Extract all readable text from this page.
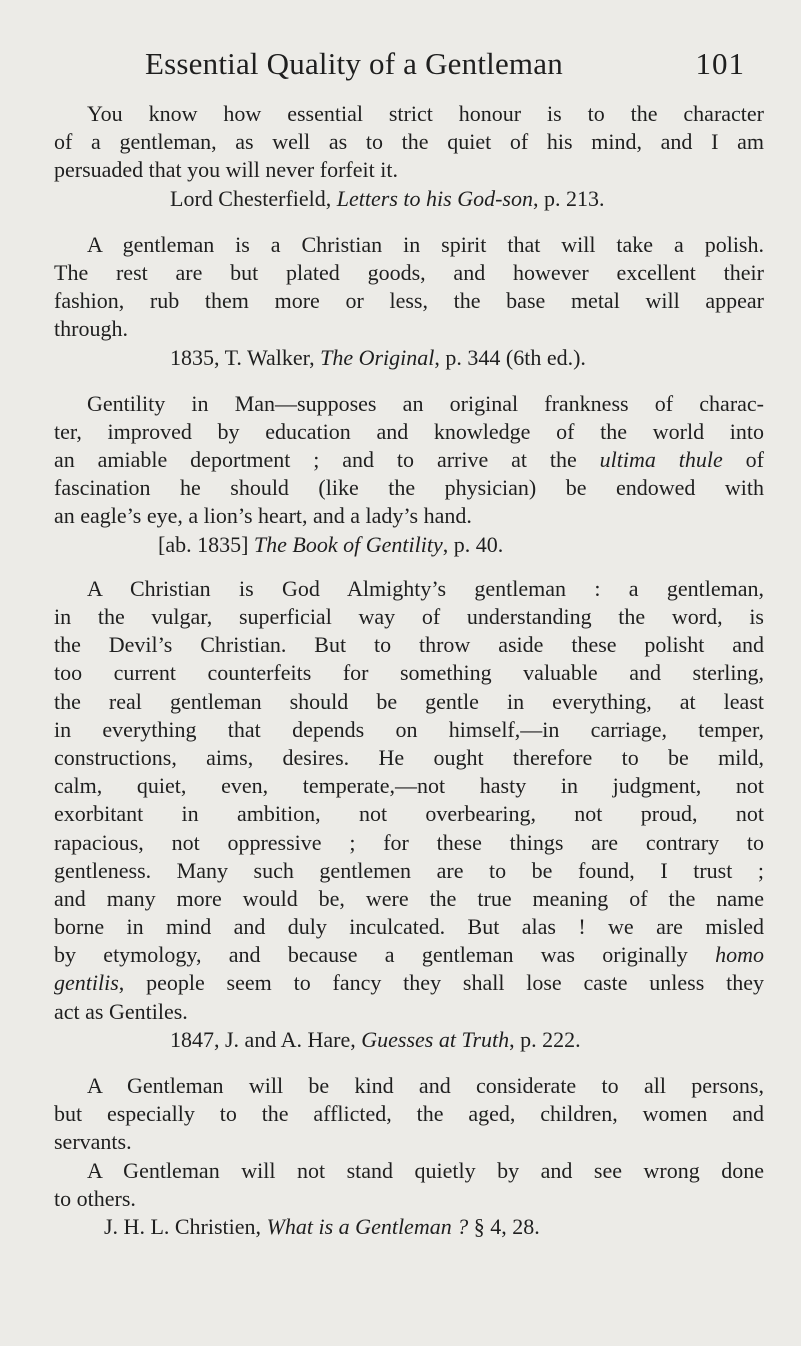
Essential Quality of a Gentleman	101
You know how essential strict honour is to the character
of a gentleman, as well as to the quiet of his mind, and I am
persuaded that you will never forfeit it.
Lord Chesterfield, Letters to his God-son, p. 213.
A gentleman is a Christian in spirit that will take a polish.
The rest are but plated goods, and however excellent their
fashion, rub them more or less, the base metal will appear
through.
1835, T. Walker, The Original, p. 344 (6th ed.).
Gentility in Man—supposes an original frankness of charac-
ter, improved by education and knowledge of the world into
an amiable deportment ; and to arrive at the ultima thule of
fascination he should (like the physician) be endowed with
an eagle’s eye, a lion’s heart, and a lady’s hand.
[ab. 1835] The Book of Gentility, p. 40.
A Christian is God Almighty’s gentleman : a gentleman,
in the vulgar, superficial way of understanding the word, is
the Devil’s Christian. But to throw aside these polisht and
too current counterfeits for something valuable and sterling,
the real gentleman should be gentle in everything, at least
in everything that depends on himself,—in carriage, temper,
constructions, aims, desires. He ought therefore to be mild,
calm, quiet, even, temperate,—not hasty in judgment, not
exorbitant in ambition, not overbearing, not proud, not
rapacious, not oppressive ; for these things are contrary to
gentleness. Many such gentlemen are to be found, I trust ;
and many more would be, were the true meaning of the name
borne in mind and duly inculcated. But alas ! we are misled
by etymology, and because a gentleman was originally homo
gentilis, people seem to fancy they shall lose caste unless they
act as Gentiles.
1847, J. and A. Hare, Guesses at Truth, p. 222.
A Gentleman will be kind and considerate to all persons,
but especially to the afflicted, the aged, children, women and
servants.
A Gentleman will not stand quietly by and see wrong done
to others.
J. H. L. Christien, What is a Gentleman ? § 4, 28.
